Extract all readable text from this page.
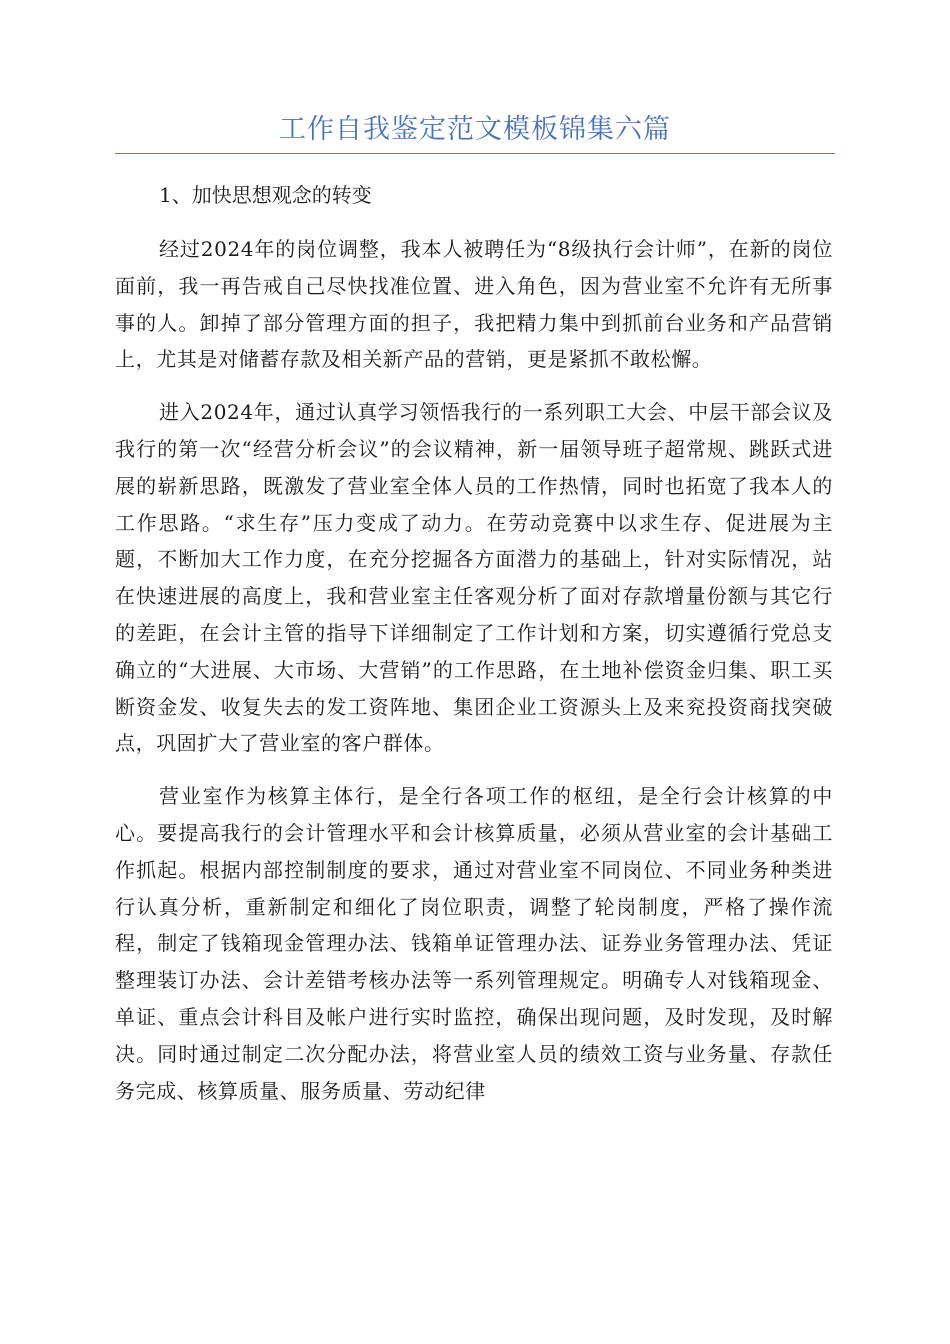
工作自我鉴定范文模板锦集六篇

1、加快思想观念的转变

经过2024年的岗位调整，我本人被聘任为“8级执行会计师”，在新的岗位面前，我一再告戒自己尽快找准位置、进入角色，因为营业室不允许有无所事事的人。卸掉了部分管理方面的担子，我把精力集中到抓前台业务和产品营销上，尤其是对储蓄存款及相关新产品的营销，更是紧抓不敢松懈。

进入2024年，通过认真学习领悟我行的一系列职工大会、中层干部会议及我行的第一次“经营分析会议”的会议精神，新一届领导班子超常规、跳跃式进展的崭新思路，既激发了营业室全体人员的工作热情，同时也拓宽了我本人的工作思路。“求生存”压力变成了动力。在劳动竞赛中以求生存、促进展为主题，不断加大工作力度，在充分挖掘各方面潜力的基础上，针对实际情况，站在快速进展的高度上，我和营业室主任客观分析了面对存款增量份额与其它行的差距，在会计主管的指导下详细制定了工作计划和方案，切实遵循行党总支确立的“大进展、大市场、大营销”的工作思路，在土地补偿资金归集、职工买断资金发、收复失去的发工资阵地、集团企业工资源头上及来兖投资商找突破点，巩固扩大了营业室的客户群体。

营业室作为核算主体行，是全行各项工作的枢纽，是全行会计核算的中心。要提高我行的会计管理水平和会计核算质量，必须从营业室的会计基础工作抓起。根据内部控制制度的要求，通过对营业室不同岗位、不同业务种类进行认真分析，重新制定和细化了岗位职责，调整了轮岗制度，严格了操作流程，制定了钱箱现金管理办法、钱箱单证管理办法、证券业务管理办法、凭证整理装订办法、会计差错考核办法等一系列管理规定。明确专人对钱箱现金、单证、重点会计科目及帐户进行实时监控，确保出现问题，及时发现，及时解决。同时通过制定二次分配办法，将营业室人员的绩效工资与业务量、存款任务完成、核算质量、服务质量、劳动纪律
